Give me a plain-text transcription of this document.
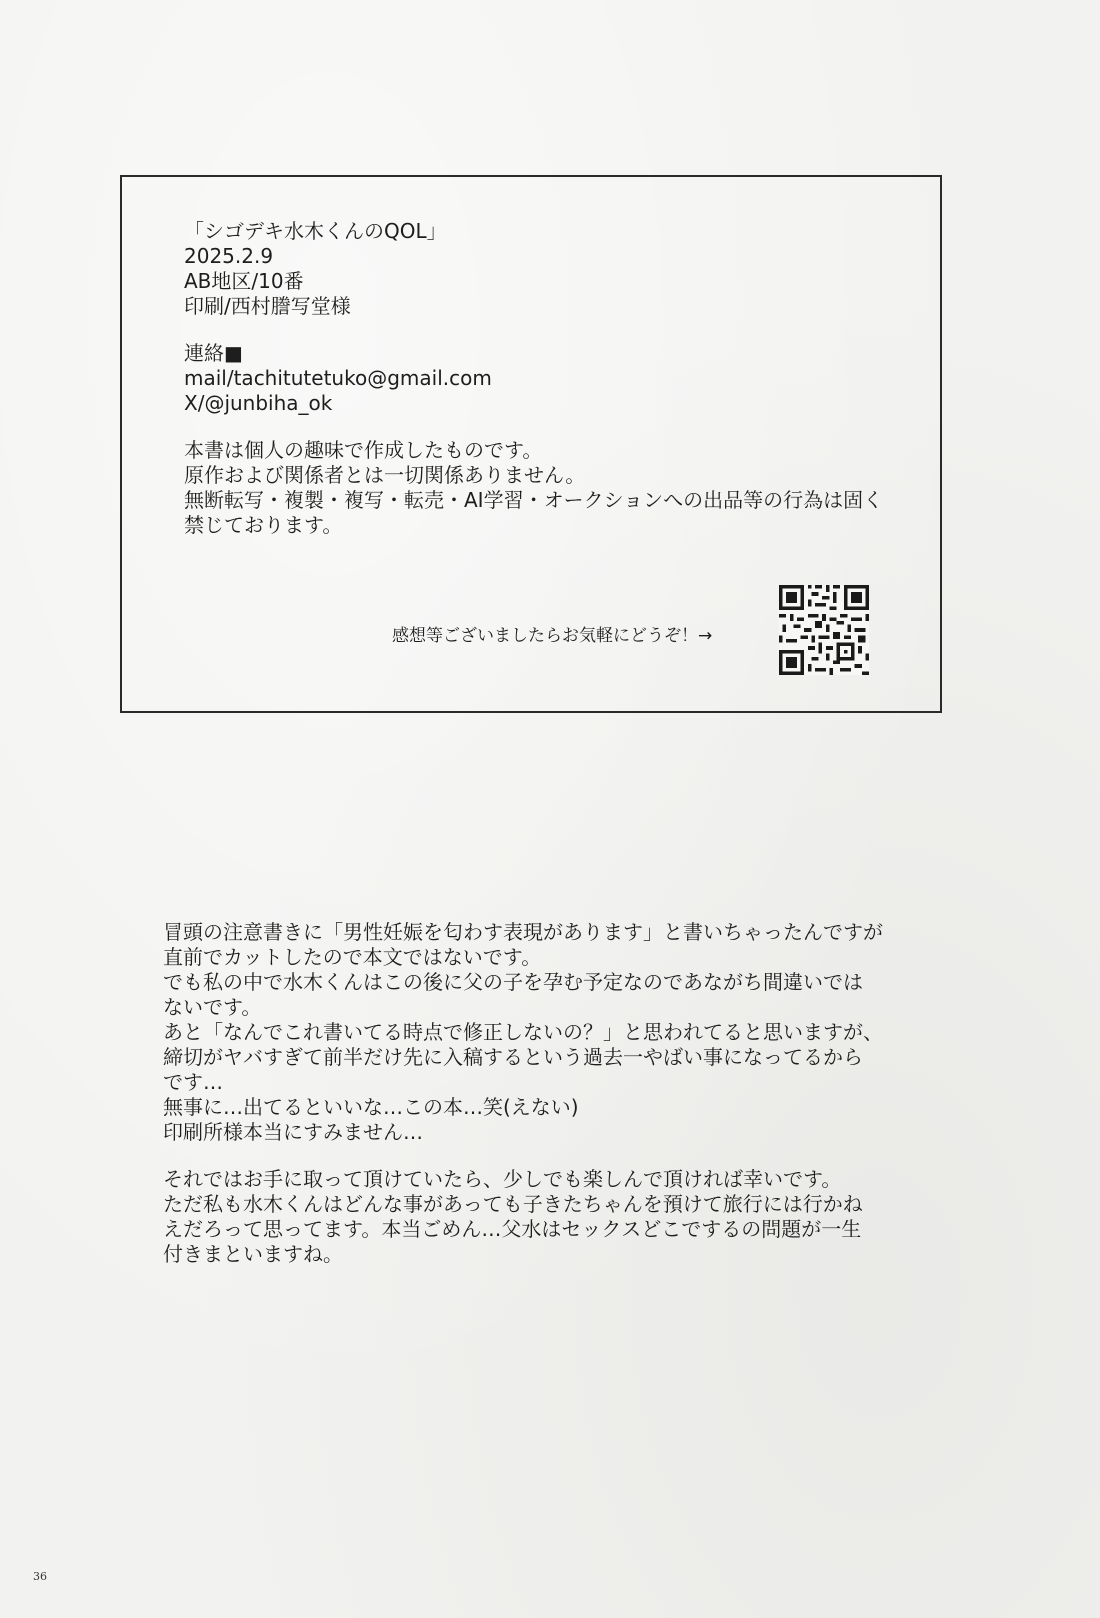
「シゴデキ水木くんのQOL」
2025.2.9
AB地区/10番
印刷/西村謄写堂様
連絡■
mail/tachitutetuko@gmail.com
X/@junbiha_ok
本書は個人の趣味で作成したものです。
原作および関係者とは一切関係ありません。
無断転写・複製・複写・転売・AI学習・オークションへの出品等の行為は固く
禁じております。
感想等ございましたらお気軽にどうぞ！→
冒頭の注意書きに「男性妊娠を匂わす表現があります」と書いちゃったんですが
直前でカットしたので本文ではないです。
でも私の中で水木くんはこの後に父の子を孕む予定なのであながち間違いでは
ないです。
あと「なんでこれ書いてる時点で修正しないの？」と思われてると思いますが、
締切がヤバすぎて前半だけ先に入稿するという過去一やばい事になってるから
です…
無事に…出てるといいな…この本…笑(えない)
印刷所様本当にすみません…
それではお手に取って頂けていたら、少しでも楽しんで頂ければ幸いです。
ただ私も水木くんはどんな事があっても子きたちゃんを預けて旅行には行かね
えだろって思ってます。本当ごめん…父水はセックスどこでするの問題が一生
付きまといますね。
36
